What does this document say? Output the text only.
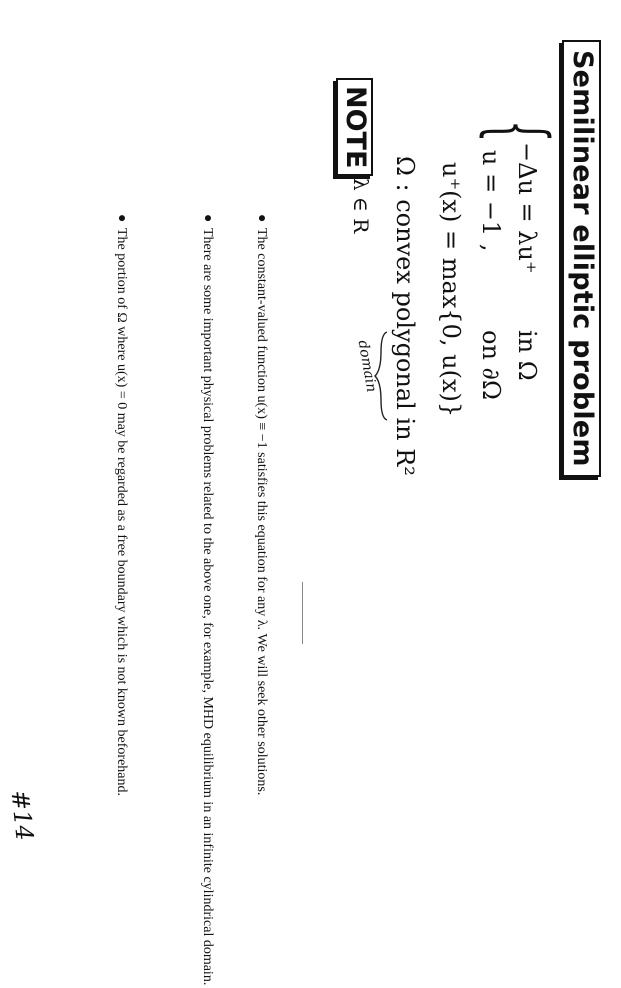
Semilinear elliptic problem
{
−Δu = λu⁺
in Ω
u = −1 ,
on ∂Ω
u⁺(x) = max{0, u(x)}
Ω : convex polygonal in R²
λ ∈ R
domain
NOTE
●
The constant-valued function u(x) ≡ −1 satisfies this equation for any λ. We will seek other solutions.
●
There are some important physical problems related to the above one, for example, MHD equilibrium in an infinite cylindrical domain.
●
The portion of Ω where u(x) = 0 may be regarded as a free boundary which is not known beforehand.
#14
